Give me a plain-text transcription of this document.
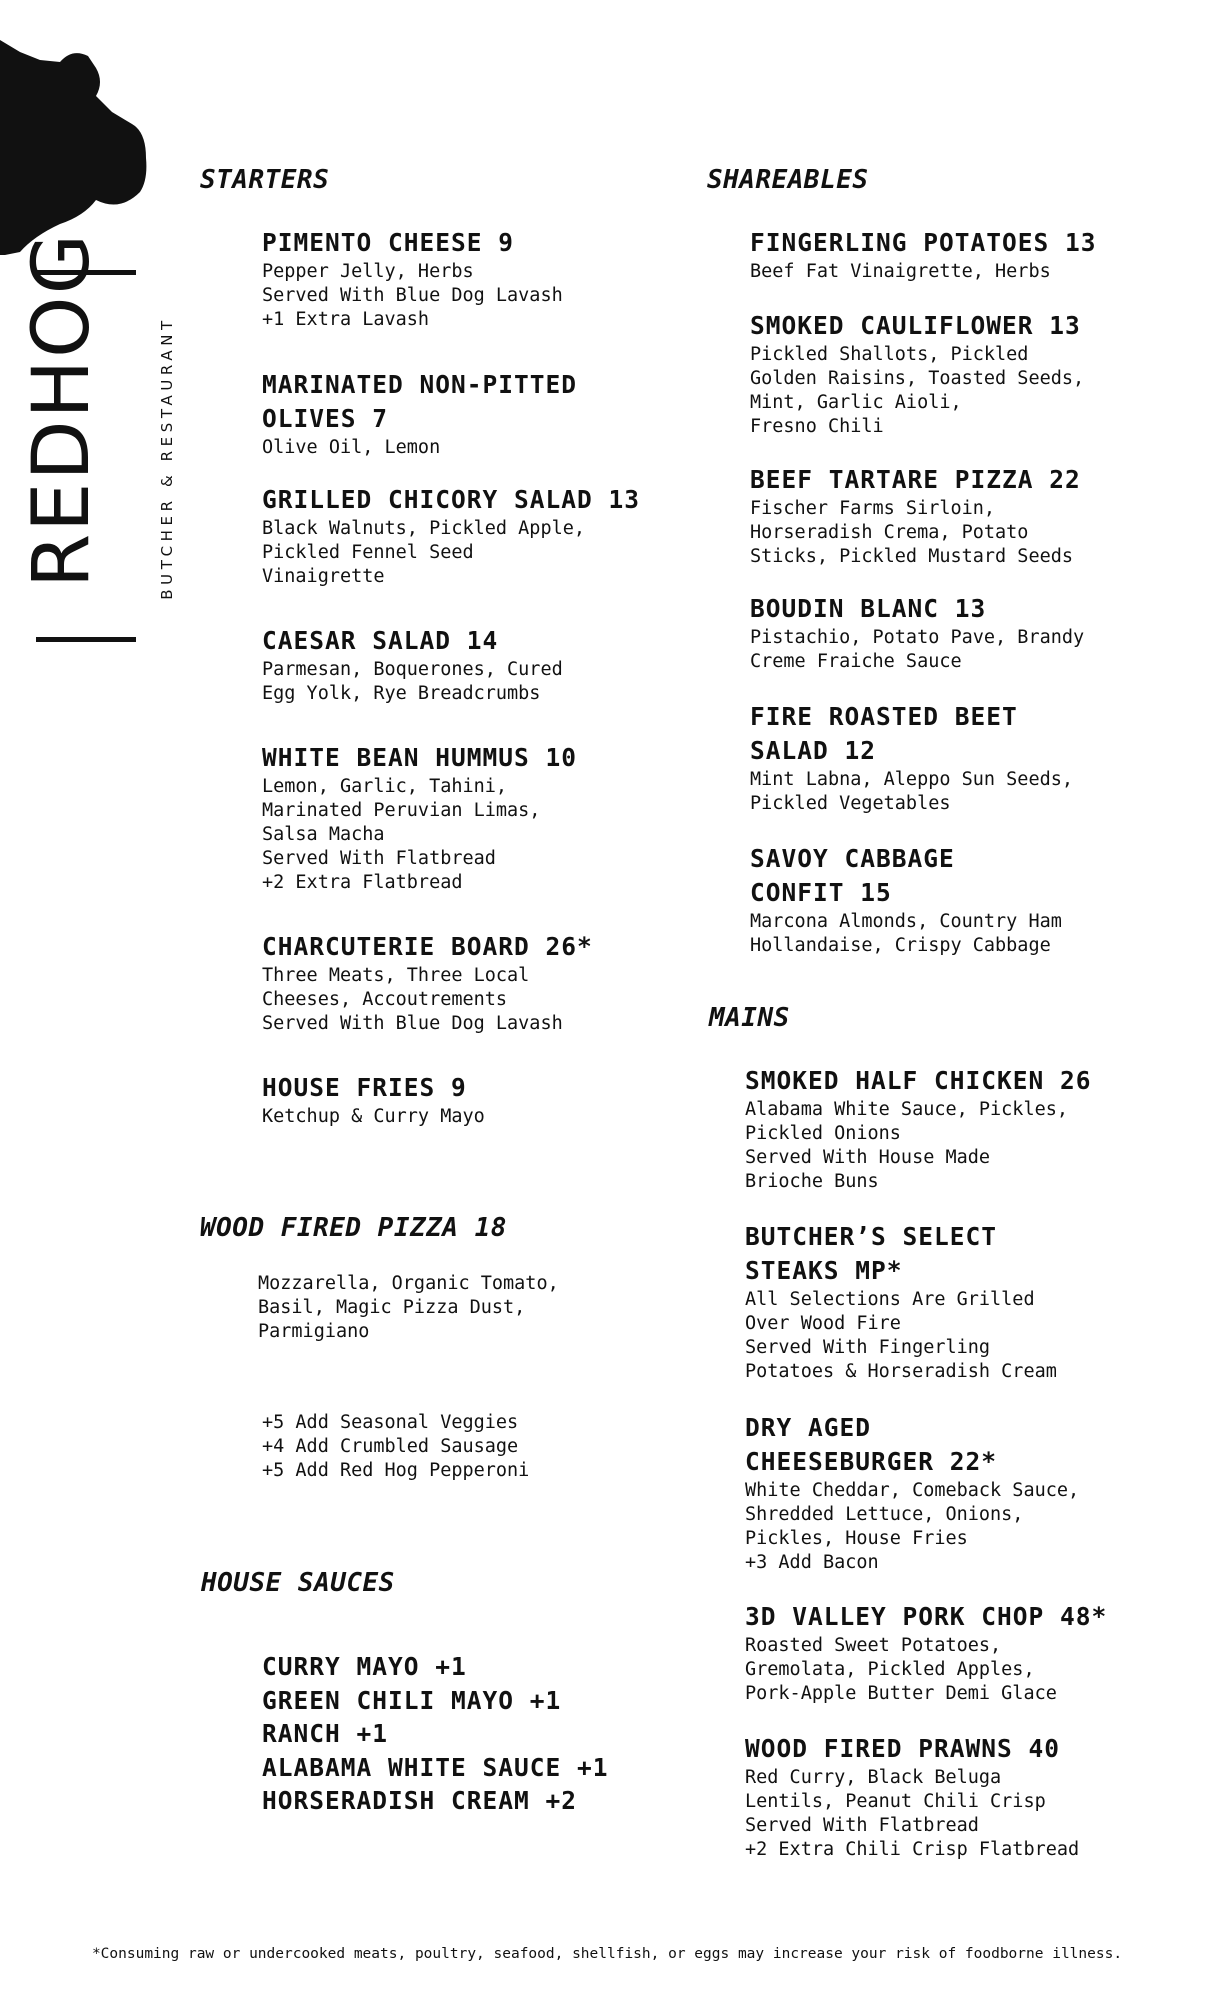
REDHOG	BUTCHER & RESTAURANT
STARTERS
PIMENTO CHEESE 9
Pepper Jelly, Herbs
Served With Blue Dog Lavash
+1 Extra Lavash
MARINATED NON-PITTED
OLIVES 7
Olive Oil, Lemon
GRILLED CHICORY SALAD 13
Black Walnuts, Pickled Apple,
Pickled Fennel Seed
Vinaigrette
CAESAR SALAD 14
Parmesan, Boquerones, Cured
Egg Yolk, Rye Breadcrumbs
WHITE BEAN HUMMUS 10
Lemon, Garlic, Tahini,
Marinated Peruvian Limas,
Salsa Macha
Served With Flatbread
+2 Extra Flatbread
CHARCUTERIE BOARD 26*
Three Meats, Three Local
Cheeses, Accoutrements
Served With Blue Dog Lavash
HOUSE FRIES 9
Ketchup & Curry Mayo
WOOD FIRED PIZZA 18
Mozzarella, Organic Tomato,
Basil, Magic Pizza Dust,
Parmigiano
+5 Add Seasonal Veggies
+4 Add Crumbled Sausage
+5 Add Red Hog Pepperoni
HOUSE SAUCES
CURRY MAYO +1
GREEN CHILI MAYO +1
RANCH +1
ALABAMA WHITE SAUCE +1
HORSERADISH CREAM +2
SHAREABLES
FINGERLING POTATOES 13
Beef Fat Vinaigrette, Herbs
SMOKED CAULIFLOWER 13
Pickled Shallots, Pickled
Golden Raisins, Toasted Seeds,
Mint, Garlic Aioli,
Fresno Chili
BEEF TARTARE PIZZA 22
Fischer Farms Sirloin,
Horseradish Crema, Potato
Sticks, Pickled Mustard Seeds
BOUDIN BLANC 13
Pistachio, Potato Pave, Brandy
Creme Fraiche Sauce
FIRE ROASTED BEET
SALAD 12
Mint Labna, Aleppo Sun Seeds,
Pickled Vegetables
SAVOY CABBAGE
CONFIT 15
Marcona Almonds, Country Ham
Hollandaise, Crispy Cabbage
MAINS
SMOKED HALF CHICKEN 26
Alabama White Sauce, Pickles,
Pickled Onions
Served With House Made
Brioche Buns
BUTCHER’S SELECT
STEAKS MP*
All Selections Are Grilled
Over Wood Fire
Served With Fingerling
Potatoes & Horseradish Cream
DRY AGED
CHEESEBURGER 22*
White Cheddar, Comeback Sauce,
Shredded Lettuce, Onions,
Pickles, House Fries
+3 Add Bacon
3D VALLEY PORK CHOP 48*
Roasted Sweet Potatoes,
Gremolata, Pickled Apples,
Pork-Apple Butter Demi Glace
WOOD FIRED PRAWNS 40
Red Curry, Black Beluga
Lentils, Peanut Chili Crisp
Served With Flatbread
+2 Extra Chili Crisp Flatbread
*Consuming raw or undercooked meats, poultry, seafood, shellfish, or eggs may increase your risk of foodborne illness.
